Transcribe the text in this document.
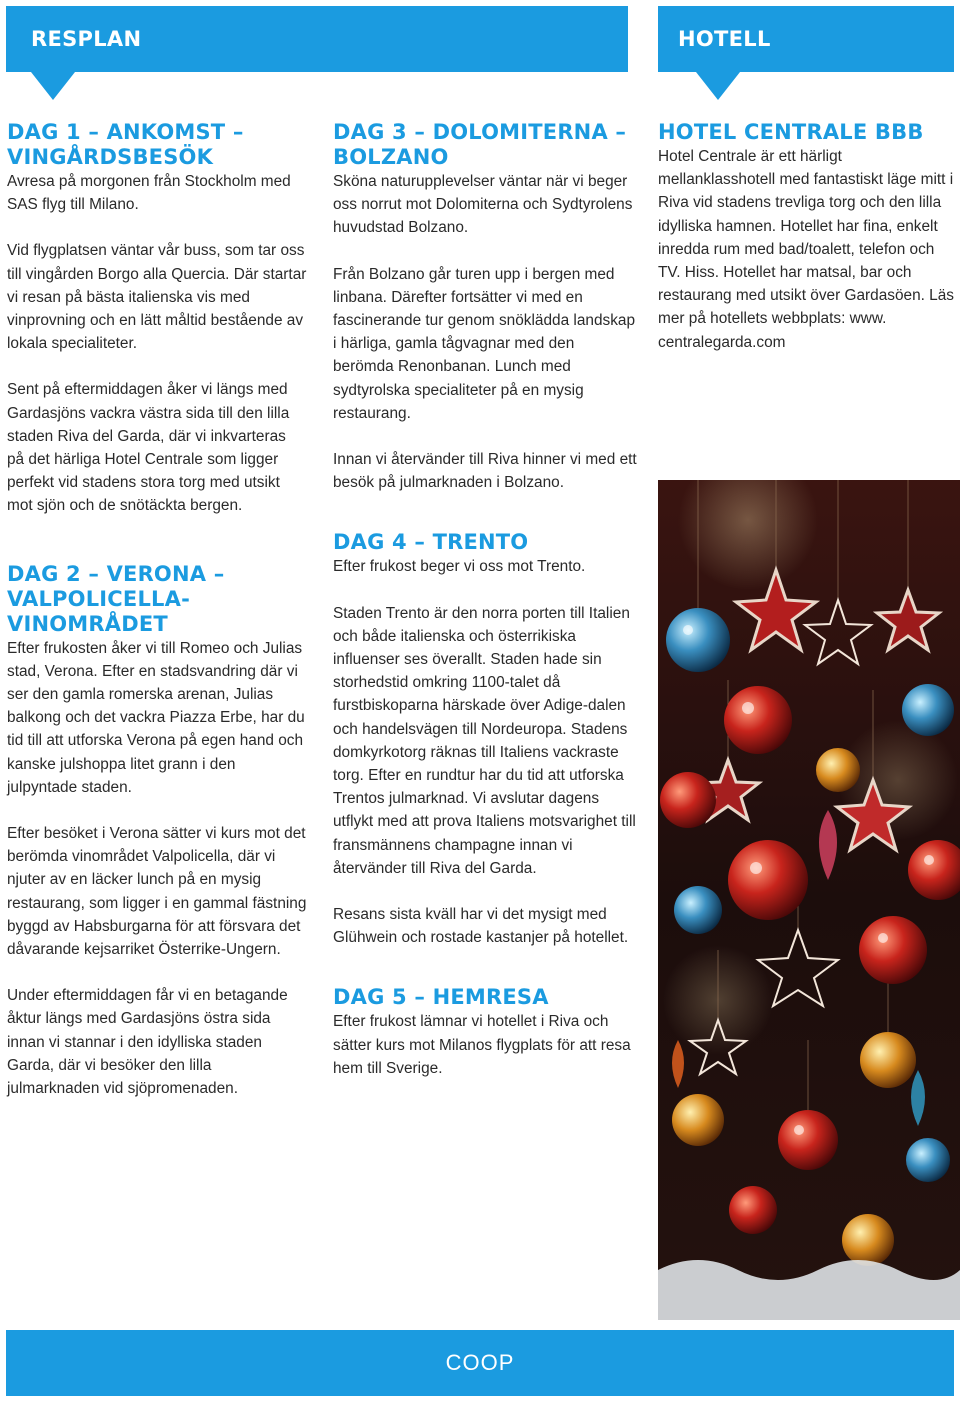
RESPLAN	HOTELL
DAG 1 – ANKOMST – VINGÅRDSBESÖK

Avresa på morgonen från Stockholm med SAS flyg till Milano.

Vid flygplatsen väntar vår buss, som tar oss till vingården Borgo alla Quercia. Där startar vi resan på bästa italienska vis med vinprovning och en lätt måltid bestående av lokala specialiteter.

Sent på eftermiddagen åker vi längs med Gardasjöns vackra västra sida till den lilla staden Riva del Garda, där vi inkvarteras på det härliga Hotel Centrale som ligger perfekt vid stadens stora torg med utsikt mot sjön och de snötäckta bergen.

DAG 2 – VERONA – VALPOLICELLA-VINOMRÅDET

Efter frukosten åker vi till Romeo och Julias stad, Verona. Efter en stadsvandring där vi ser den gamla romerska arenan, Julias balkong och det vackra Piazza Erbe, har du tid till att utforska Verona på egen hand och kanske julshoppa litet grann i den julpyntade staden.

Efter besöket i Verona sätter vi kurs mot det berömda vinområdet Valpolicella, där vi njuter av en läcker lunch på en mysig restaurang, som ligger i en gammal fästning byggd av Habsburgarna för att försvara det dåvarande kejsarriket Österrike-Ungern.

Under eftermiddagen får vi en betagande åktur längs med Gardasjöns östra sida innan vi stannar i den idylliska staden Garda, där vi besöker den lilla julmarknaden vid sjöpromenaden.

DAG 3 – DOLOMITERNA – BOLZANO

Sköna naturupplevelser väntar när vi beger oss norrut mot Dolomiterna och Sydtyrolens huvudstad Bolzano.

Från Bolzano går turen upp i bergen med linbana. Därefter fortsätter vi med en fascinerande tur genom snöklädda landskap i härliga, gamla tågvagnar med den berömda Renonbanan. Lunch med sydtyrolska specialiteter på en mysig restaurang.

Innan vi återvänder till Riva hinner vi med ett besök på julmarknaden i Bolzano.

DAG 4 – TRENTO

Efter frukost beger vi oss mot Trento.

Staden Trento är den norra porten till Italien och både italienska och österrikiska influenser ses överallt. Staden hade sin storhedstid omkring 1100-talet då furstbiskoparna härskade över Adige-dalen och handelsvägen till Nordeuropa. Stadens domkyrkotorg räknas till Italiens vackraste torg. Efter en rundtur har du tid att utforska Trentos julmarknad. Vi avslutar dagens utflykt med att prova Italiens motsvarighet till fransmännens champagne innan vi återvänder till Riva del Garda.

Resans sista kväll har vi det mysigt med Glühwein och rostade kastanjer på hotellet.

DAG 5 – HEMRESA

Efter frukost lämnar vi hotellet i Riva och sätter kurs mot Milanos flygplats för att resa hem till Sverige.

HOTEL CENTRALE BBB

Hotel Centrale är ett härligt mellanklasshotell med fantastiskt läge mitt i Riva vid stadens trevliga torg och den lilla idylliska hamnen. Hotellet har fina, enkelt inredda rum med bad/toalett, telefon och TV. Hiss. Hotellet har matsal, bar och restaurang med utsikt över Gardasöen. Läs mer på hotellets webbplats: www. centralegarda.com

COOP
